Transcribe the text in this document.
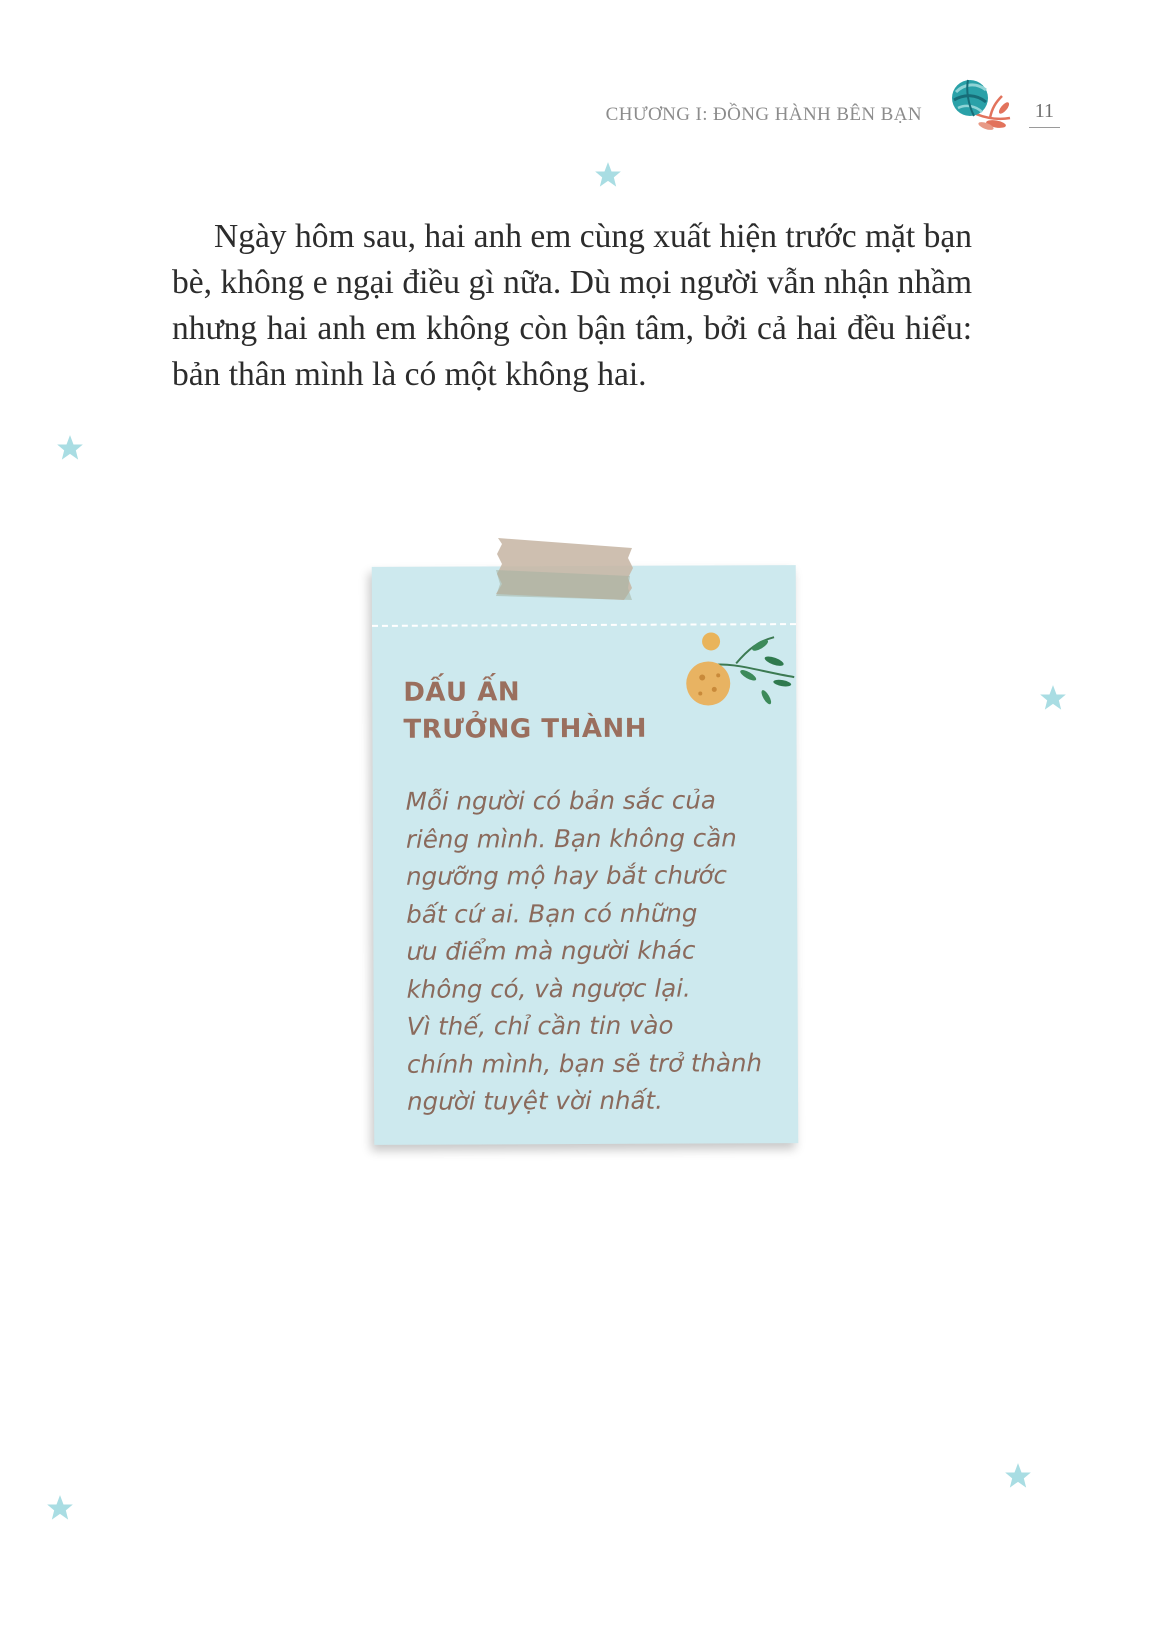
CHƯƠNG I: ĐỒNG HÀNH BÊN BẠN	11

Ngày hôm sau, hai anh em cùng xuất hiện trước mặt bạn bè, không e ngại điều gì nữa. Dù mọi người vẫn nhận nhầm nhưng hai anh em không còn bận tâm, bởi cả hai đều hiểu: bản thân mình là có một không hai.

DẤU ẤN
TRƯỞNG THÀNH
Mỗi người có bản sắc của
riêng mình. Bạn không cần
ngưỡng mộ hay bắt chước
bất cứ ai. Bạn có những
ưu điểm mà người khác
không có, và ngược lại.
Vì thế, chỉ cần tin vào
chính mình, bạn sẽ trở thành
người tuyệt vời nhất.
